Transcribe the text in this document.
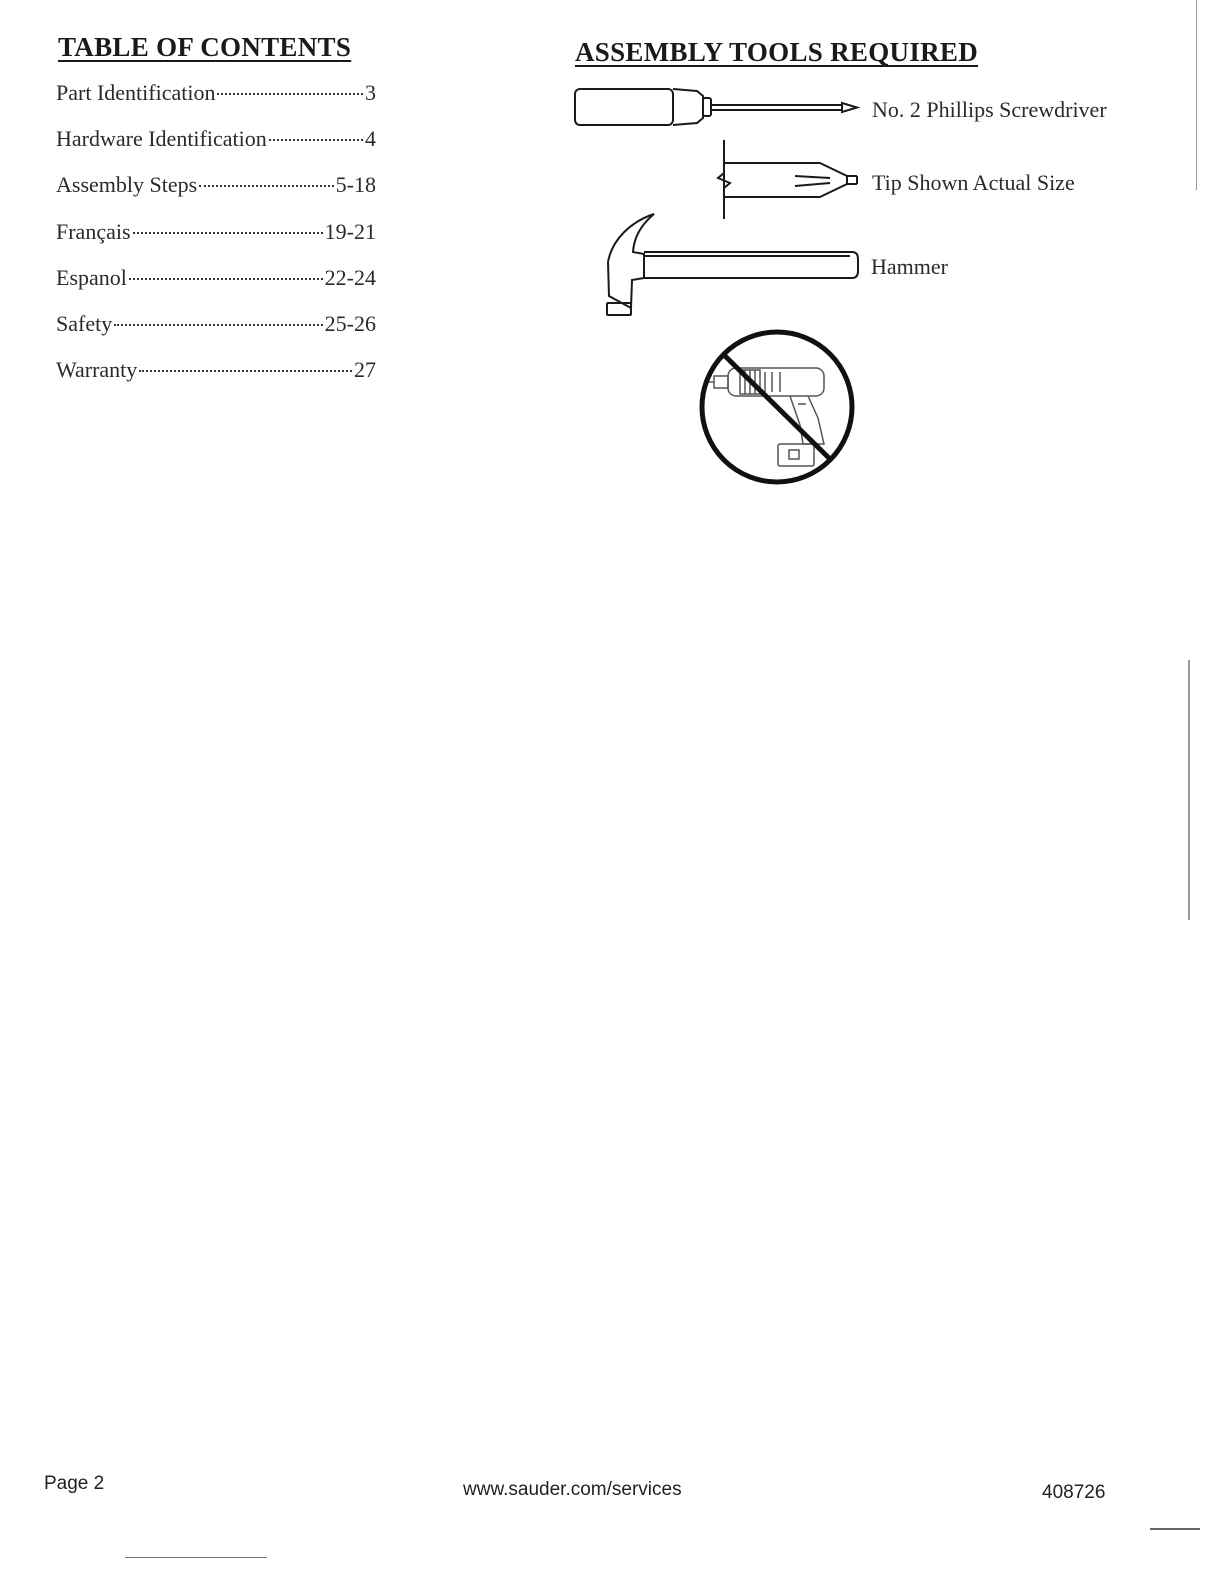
TABLE OF CONTENTS
Part Identification	3
Hardware Identification	4
Assembly Steps	5-18
Français	19-21
Espanol	22-24
Safety	25-26
Warranty	27
ASSEMBLY TOOLS REQUIRED
No. 2 Phillips Screwdriver
Tip Shown Actual Size
Hammer
Page 2	www.sauder.com/services	408726
